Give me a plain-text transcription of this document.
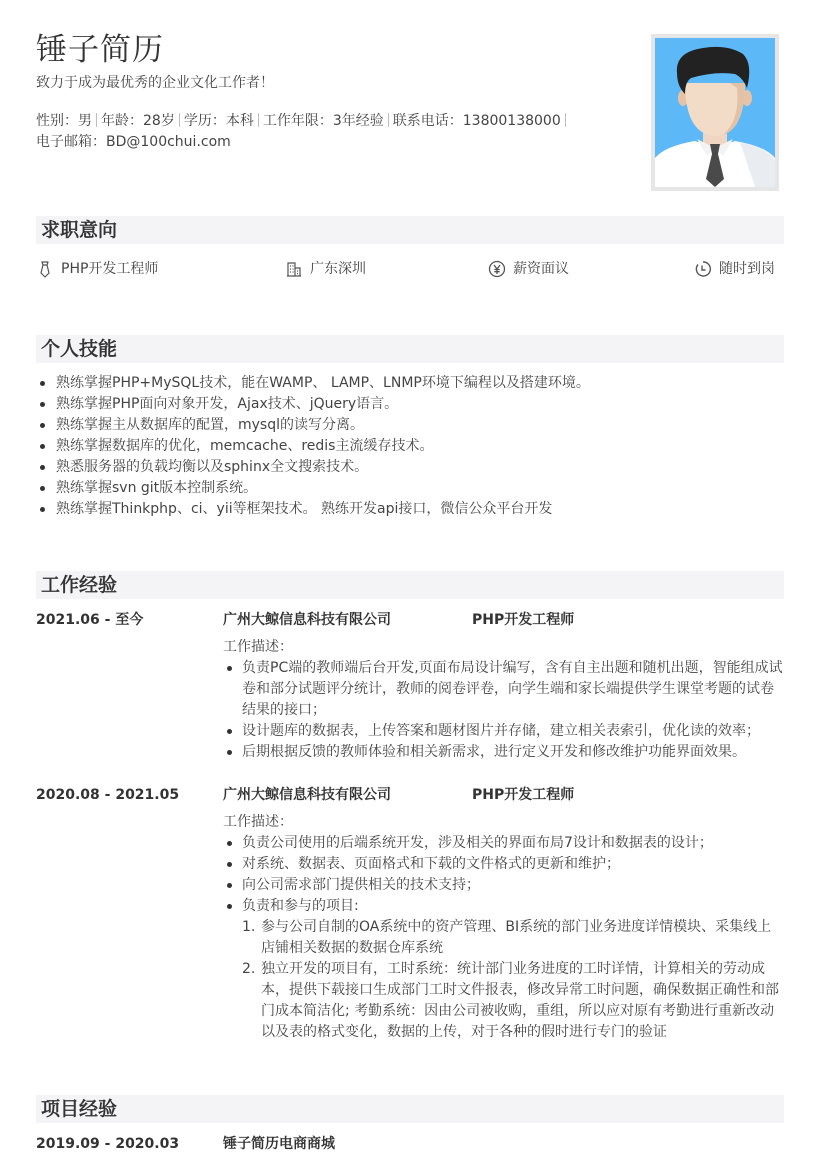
锤子简历
致力于成为最优秀的企业文化工作者！
性别：男 年龄：28岁 学历：本科 工作年限：3年经验 联系电话：13800138000
电子邮箱：BD@100chui.com
求职意向
PHP开发工程师	广东深圳	薪资面议	随时到岗
个人技能
熟练掌握PHP+MySQL技术，能在WAMP、 LAMP、LNMP环境下编程以及搭建环境。
熟练掌握PHP面向对象开发，Ajax技术、jQuery语言。
熟练掌握主从数据库的配置，mysql的读写分离。
熟练掌握数据库的优化，memcache、redis主流缓存技术。
熟悉服务器的负载均衡以及sphinx全文搜索技术。
熟练掌握svn git版本控制系统。
熟练掌握Thinkphp、ci、yii等框架技术。 熟练开发api接口，微信公众平台开发
工作经验
2021.06 - 至今	广州大鲸信息科技有限公司	PHP开发工程师
工作描述：
负责PC端的教师端后台开发,页面布局设计编写，含有自主出题和随机出题，智能组成试卷和部分试题评分统计，教师的阅卷评卷，向学生端和家长端提供学生课堂考题的试卷结果的接口；
设计题库的数据表，上传答案和题材图片并存储，建立相关表索引，优化读的效率；
后期根据反馈的教师体验和相关新需求，进行定义开发和修改维护功能界面效果。
2020.08 - 2021.05	广州大鲸信息科技有限公司	PHP开发工程师
工作描述：
负责公司使用的后端系统开发，涉及相关的界面布局7设计和数据表的设计；
对系统、数据表、页面格式和下载的文件格式的更新和维护；
向公司需求部门提供相关的技术支持；
负责和参与的项目:
1. 参与公司自制的OA系统中的资产管理、BI系统的部门业务进度详情模块、采集线上店铺相关数据的数据仓库系统
2. 独立开发的项目有，工时系统：统计部门业务进度的工时详情，计算相关的劳动成本，提供下载接口生成部门工时文件报表，修改异常工时问题，确保数据正确性和部门成本简洁化; 考勤系统：因由公司被收购，重组，所以应对原有考勤进行重新改动以及表的格式变化，数据的上传，对于各种的假时进行专门的验证
项目经验
2019.09 - 2020.03	锤子简历电商商城
